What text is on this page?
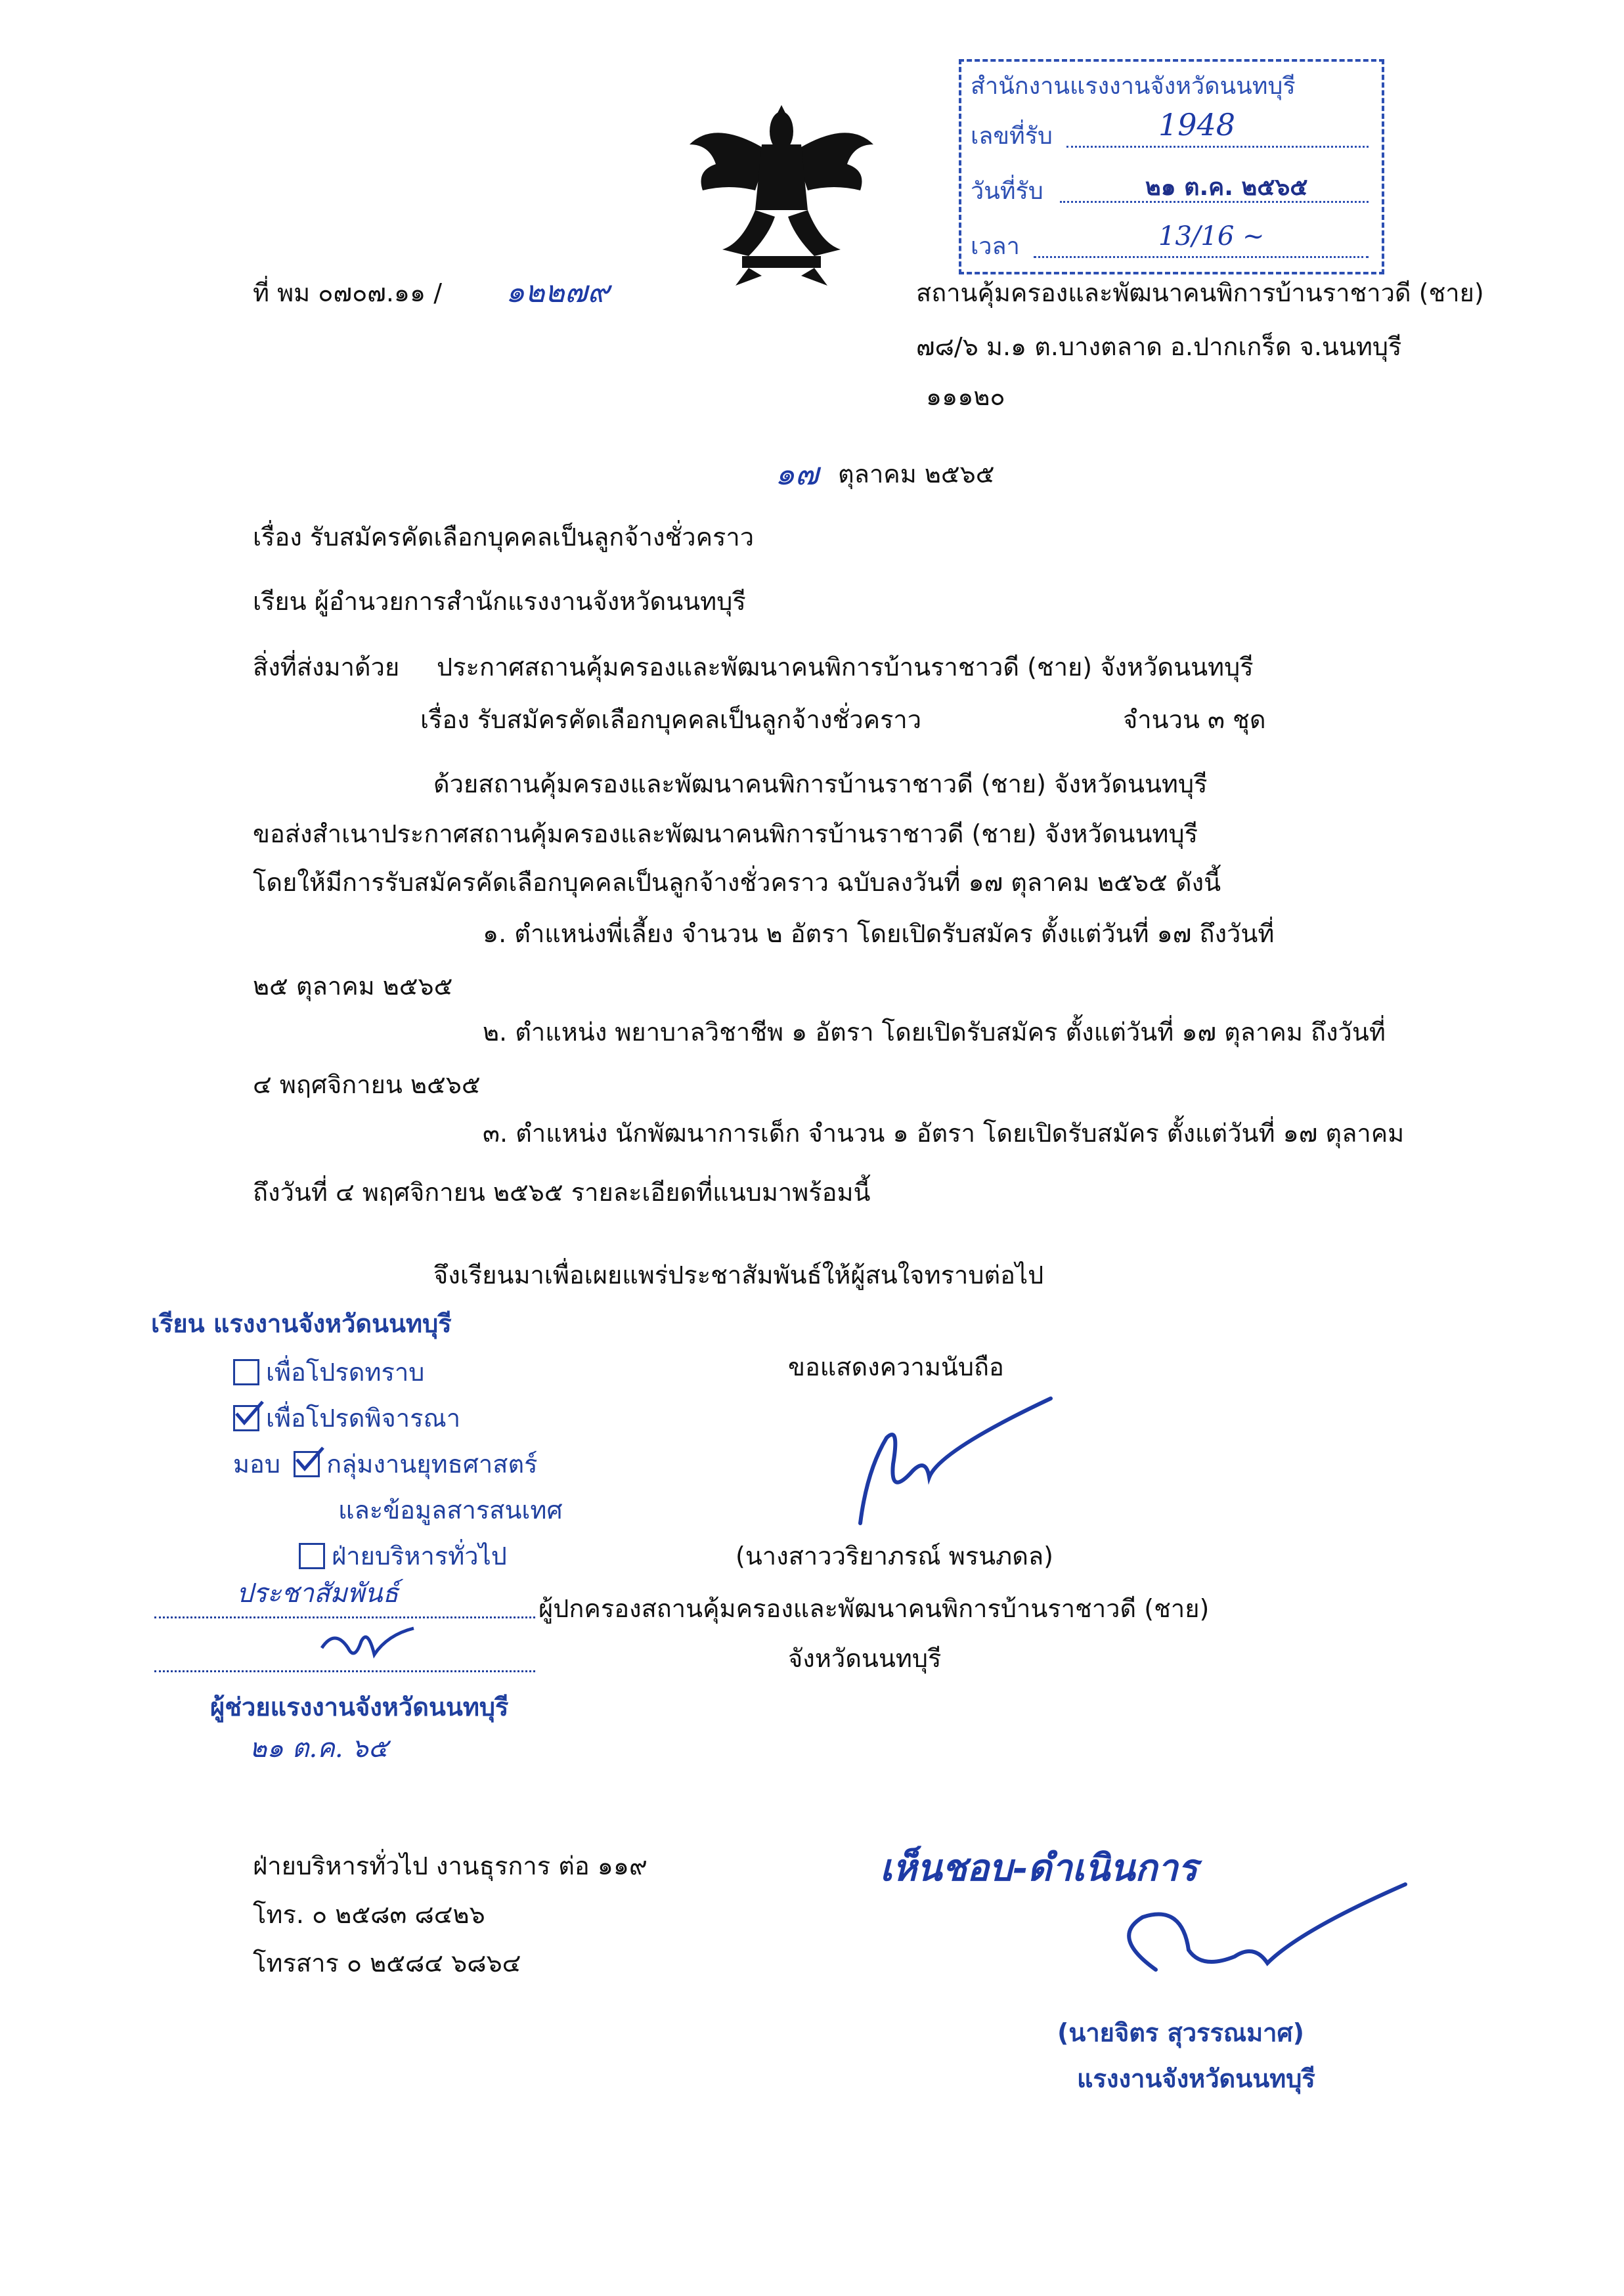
สำนักงานแรงงานจังหวัดนนทบุรี
เลขที่รับ	1948
วันที่รับ	๒๑ ต.ค. ๒๕๖๕
เวลา	13/16 ~
ที่ พม ๐๗๐๗.๑๑ / ๑๒๒๗๙	สถานคุ้มครองและพัฒนาคนพิการบ้านราชาวดี (ชาย)
๗๘/๖ ม.๑ ต.บางตลาด อ.ปากเกร็ด จ.นนทบุรี
๑๑๑๒๐
๑๗ ตุลาคม ๒๕๖๕
เรื่อง รับสมัครคัดเลือกบุคคลเป็นลูกจ้างชั่วคราว
เรียน ผู้อำนวยการสำนักแรงงานจังหวัดนนทบุรี
สิ่งที่ส่งมาด้วย ประกาศสถานคุ้มครองและพัฒนาคนพิการบ้านราชาวดี (ชาย) จังหวัดนนทบุรี
เรื่อง รับสมัครคัดเลือกบุคคลเป็นลูกจ้างชั่วคราว	จำนวน ๓ ชุด
ด้วยสถานคุ้มครองและพัฒนาคนพิการบ้านราชาวดี (ชาย) จังหวัดนนทบุรี
ขอส่งสำเนาประกาศสถานคุ้มครองและพัฒนาคนพิการบ้านราชาวดี (ชาย) จังหวัดนนทบุรี
โดยให้มีการรับสมัครคัดเลือกบุคคลเป็นลูกจ้างชั่วคราว ฉบับลงวันที่ ๑๗ ตุลาคม ๒๕๖๕ ดังนี้
๑. ตำแหน่งพี่เลี้ยง จำนวน ๒ อัตรา โดยเปิดรับสมัคร ตั้งแต่วันที่ ๑๗ ถึงวันที่
๒๕ ตุลาคม ๒๕๖๕
๒. ตำแหน่ง พยาบาลวิชาชีพ ๑ อัตรา โดยเปิดรับสมัคร ตั้งแต่วันที่ ๑๗ ตุลาคม ถึงวันที่
๔ พฤศจิกายน ๒๕๖๕
๓. ตำแหน่ง นักพัฒนาการเด็ก จำนวน ๑ อัตรา โดยเปิดรับสมัคร ตั้งแต่วันที่ ๑๗ ตุลาคม
ถึงวันที่ ๔ พฤศจิกายน ๒๕๖๕ รายละเอียดที่แนบมาพร้อมนี้
จึงเรียนมาเพื่อเผยแพร่ประชาสัมพันธ์ให้ผู้สนใจทราบต่อไป
ขอแสดงความนับถือ
(นางสาววริยาภรณ์ พรนภดล)
ผู้ปกครองสถานคุ้มครองและพัฒนาคนพิการบ้านราชาวดี (ชาย)
จังหวัดนนทบุรี
เรียน แรงงานจังหวัดนนทบุรี
เพื่อโปรดทราบ
เพื่อโปรดพิจารณา
มอบ กลุ่มงานยุทธศาสตร์
และข้อมูลสารสนเทศ
ฝ่ายบริหารทั่วไป
ประชาสัมพันธ์
ผู้ช่วยแรงงานจังหวัดนนทบุรี
๒๑ ต.ค. ๖๕
ฝ่ายบริหารทั่วไป งานธุรการ ต่อ ๑๑๙
โทร. ๐ ๒๕๘๓ ๘๔๒๖
โทรสาร ๐ ๒๕๘๔ ๖๘๖๔
เห็นชอบ-ดำเนินการ
(นายจิตร สุวรรณมาศ)
แรงงานจังหวัดนนทบุรี
